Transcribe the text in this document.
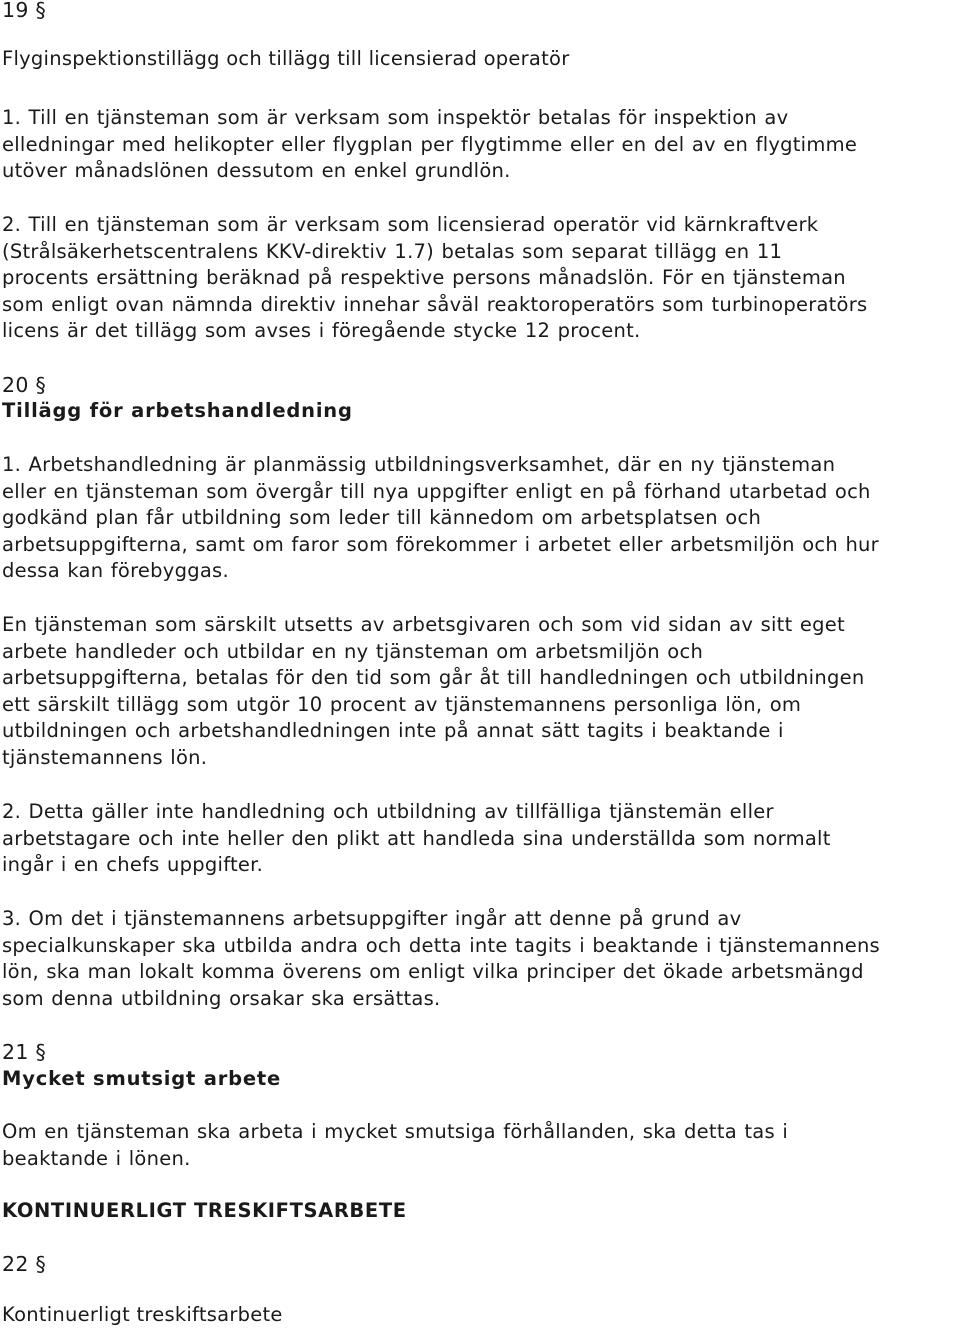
19 §
Flyginspektionstillägg och tillägg till licensierad operatör

1. Till en tjänsteman som är verksam som inspektör betalas för inspektion av

elledningar med helikopter eller flygplan per flygtimme eller en del av en flygtimme

utöver månadslönen dessutom en enkel grundlön.

2. Till en tjänsteman som är verksam som licensierad operatör vid kärnkraftverk

(Strålsäkerhetscentralens KKV-direktiv 1.7) betalas som separat tillägg en 11

procents ersättning beräknad på respektive persons månadslön. För en tjänsteman

som enligt ovan nämnda direktiv innehar såväl reaktoroperatörs som turbinoperatörs

licens är det tillägg som avses i föregående stycke 12 procent.

20 §
Tillägg för arbetshandledning

1. Arbetshandledning är planmässig utbildningsverksamhet, där en ny tjänsteman

eller en tjänsteman som övergår till nya uppgifter enligt en på förhand utarbetad och

godkänd plan får utbildning som leder till kännedom om arbetsplatsen och

arbetsuppgifterna, samt om faror som förekommer i arbetet eller arbetsmiljön och hur

dessa kan förebyggas.

En tjänsteman som särskilt utsetts av arbetsgivaren och som vid sidan av sitt eget

arbete handleder och utbildar en ny tjänsteman om arbetsmiljön och

arbetsuppgifterna, betalas för den tid som går åt till handledningen och utbildningen

ett särskilt tillägg som utgör 10 procent av tjänstemannens personliga lön, om

utbildningen och arbetshandledningen inte på annat sätt tagits i beaktande i

tjänstemannens lön.

2. Detta gäller inte handledning och utbildning av tillfälliga tjänstemän eller

arbetstagare och inte heller den plikt att handleda sina underställda som normalt

ingår i en chefs uppgifter.

3. Om det i tjänstemannens arbetsuppgifter ingår att denne på grund av

specialkunskaper ska utbilda andra och detta inte tagits i beaktande i tjänstemannens

lön, ska man lokalt komma överens om enligt vilka principer det ökade arbetsmängd

som denna utbildning orsakar ska ersättas.

21 §
Mycket smutsigt arbete

Om en tjänsteman ska arbeta i mycket smutsiga förhållanden, ska detta tas i

beaktande i lönen.

KONTINUERLIGT TRESKIFTSARBETE
22 §
Kontinuerligt treskiftsarbete
